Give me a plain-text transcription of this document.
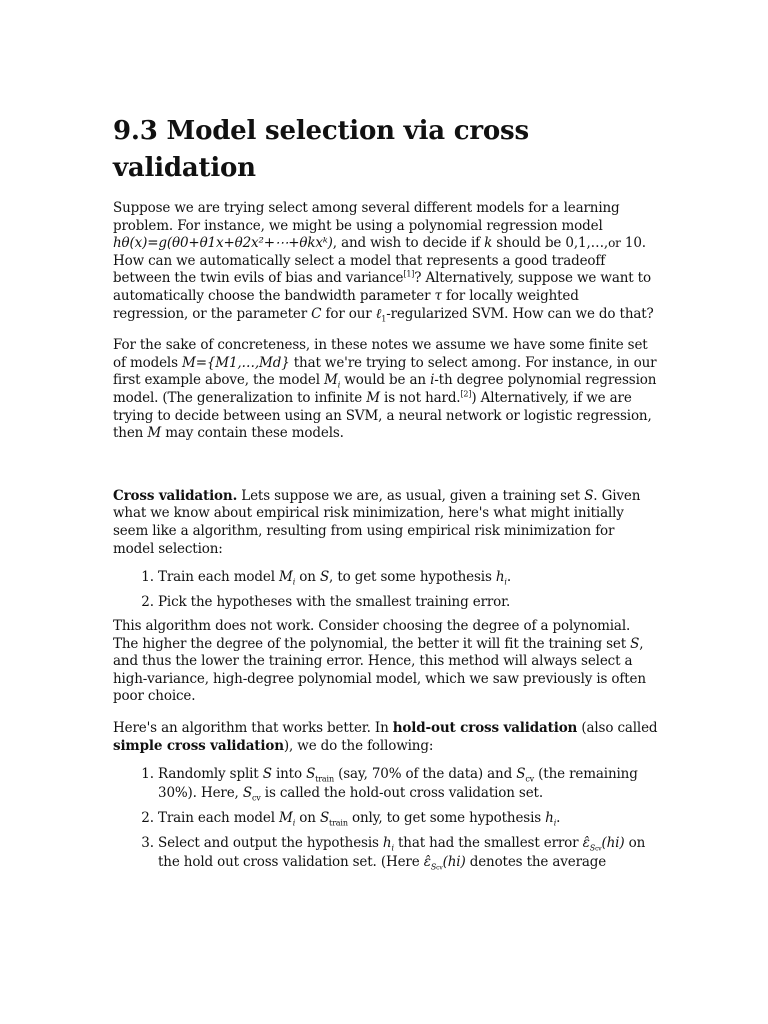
9.3 Model selection via cross validation

Suppose we are trying select among several different models for a learning problem. For instance, we might be using a polynomial regression model hθ(x)=g(θ0+θ1x+θ2x²+⋯+θkxᵏ), and wish to decide if k should be 0,1,…,or 10. How can we automatically select a model that represents a good tradeoff between the twin evils of bias and variance[1]? Alternatively, suppose we want to automatically choose the bandwidth parameter τ for locally weighted regression, or the parameter C for our ℓ$_1$-regularized SVM. How can we do that?

For the sake of concreteness, in these notes we assume we have some finite set of models M={M1,…,Md} that we're trying to select among. For instance, in our first example above, the model $M_i$ would be an i-th degree polynomial regression model. (The generalization to infinite M is not hard.[2]) Alternatively, if we are trying to decide between using an SVM, a neural network or logistic regression, then M may contain these models.

Cross validation. Lets suppose we are, as usual, given a training set S. Given what we know about empirical risk minimization, here's what might initially seem like a algorithm, resulting from using empirical risk minimization for model selection:

1. Train each model $M_i$ on S, to get some hypothesis $h_i$.
2. Pick the hypotheses with the smallest training error.

This algorithm does not work. Consider choosing the degree of a polynomial. The higher the degree of the polynomial, the better it will fit the training set S, and thus the lower the training error. Hence, this method will always select a high-variance, high-degree polynomial model, which we saw previously is often poor choice.

Here's an algorithm that works better. In hold-out cross validation (also called simple cross validation), we do the following:

1. Randomly split S into $S_{train}$ (say, 70% of the data) and $S_{cv}$ (the remaining 30%). Here, $S_{cv}$ is called the hold-out cross validation set.
2. Train each model $M_i$ on $S_{train}$ only, to get some hypothesis $h_i$.
3. Select and output the hypothesis $h_i$ that had the smallest error $\varepsilon̂_{Scv}(hi)$ on the hold out cross validation set. (Here $\varepsilon̂_{Scv}(hi)$ denotes the average
